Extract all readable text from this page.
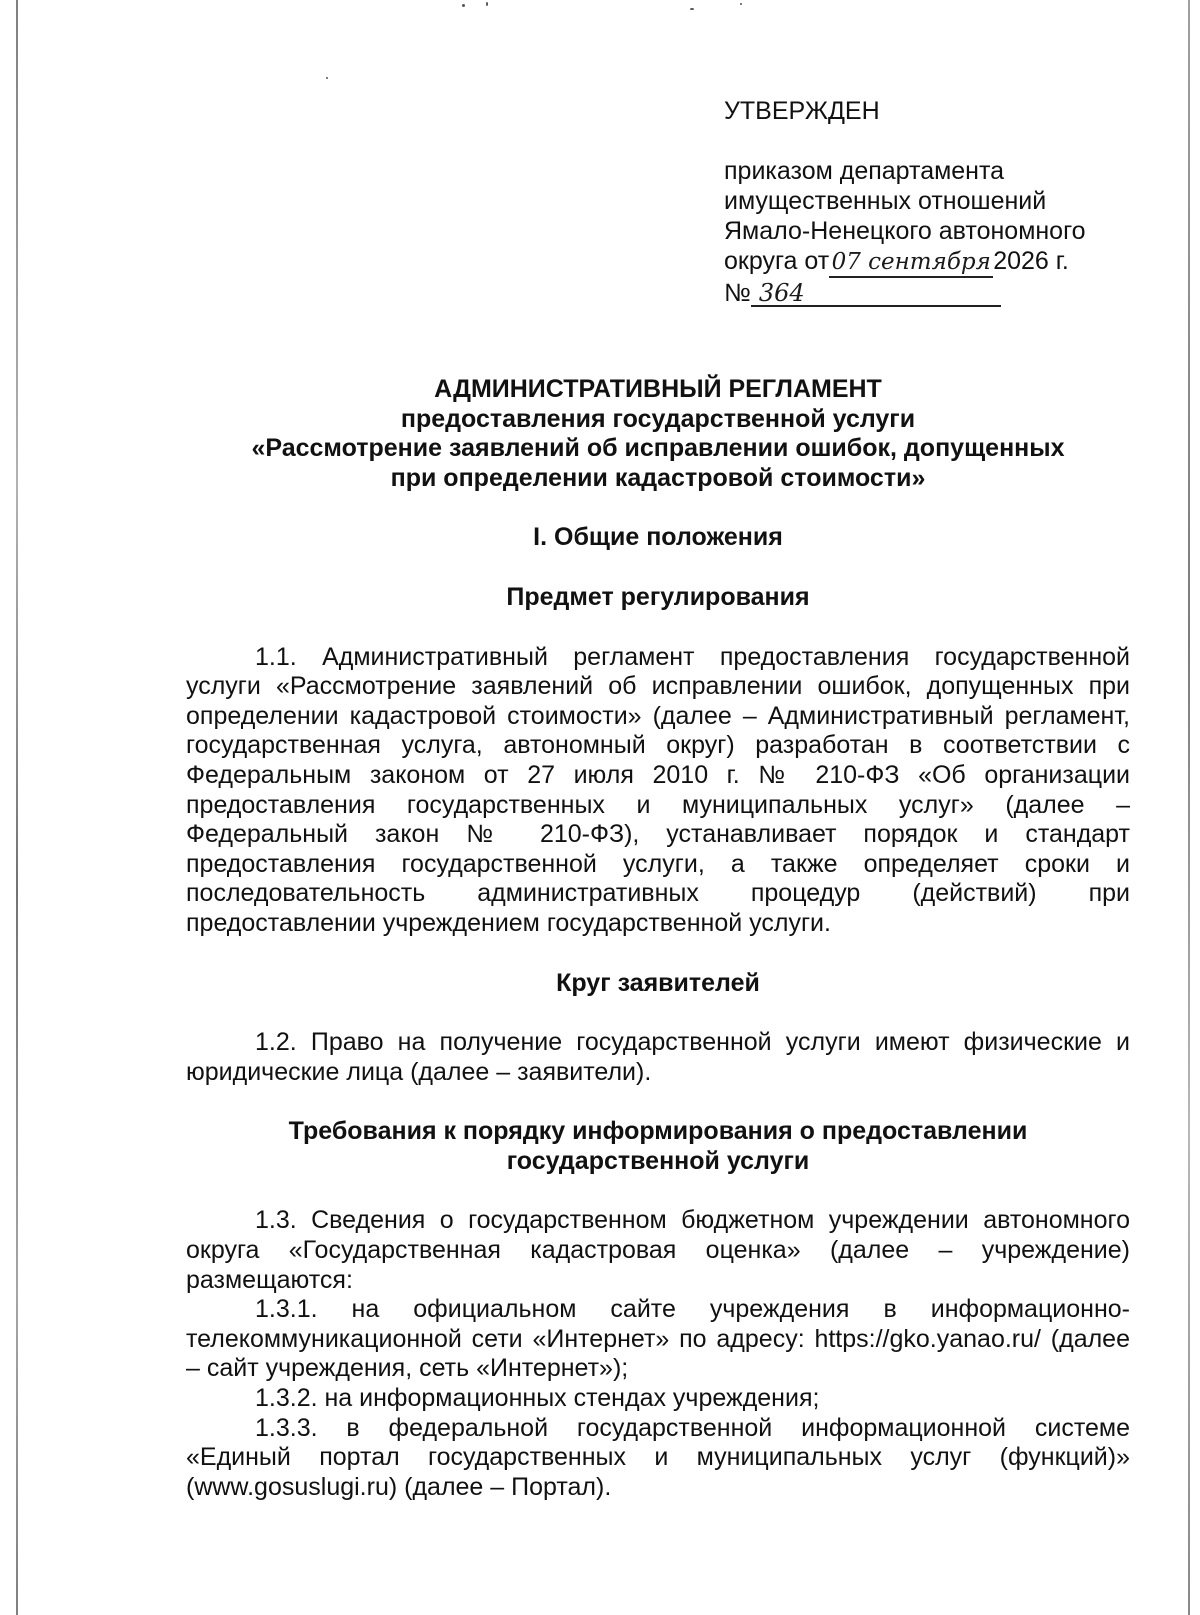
УТВЕРЖДЕН
приказом департамента
имущественных отношений
Ямало-Ненецкого автономного
округа от 07 сентября2026 г.
№ 364
АДМИНИСТРАТИВНЫЙ РЕГЛАМЕНТ
предоставления государственной услуги
«Рассмотрение заявлений об исправлении ошибок, допущенных
при определении кадастровой стоимости»
I. Общие положения
Предмет регулирования

1.1. Административный регламент предоставления государственной услуги «Рассмотрение заявлений об исправлении ошибок, допущенных при определении кадастровой стоимости» (далее – Административный регламент, государственная услуга, автономный округ) разработан в соответствии с Федеральным законом от 27 июля 2010 г. № 210-ФЗ «Об организации предоставления государственных и муниципальных услуг» (далее – Федеральный закон № 210-ФЗ), устанавливает порядок и стандарт предоставления государственной услуги, а также определяет сроки и последовательность административных процедур (действий) при предоставлении учреждением государственной услуги.

Круг заявителей

1.2. Право на получение государственной услуги имеют физические и юридические лица (далее – заявители).

Требования к порядку информирования о предоставлении
государственной услуги

1.3. Сведения о государственном бюджетном учреждении автономного округа «Государственная кадастровая оценка» (далее – учреждение) размещаются:

1.3.1. на официальном сайте учреждения в информационно-телекоммуникационной сети «Интернет» по адресу: https://gko.yanao.ru/ (далее – сайт учреждения, сеть «Интернет»);

1.3.2. на информационных стендах учреждения;

1.3.3. в федеральной государственной информационной системе «Единый портал государственных и муниципальных услуг (функций)» (www.gosuslugi.ru) (далее – Портал).
